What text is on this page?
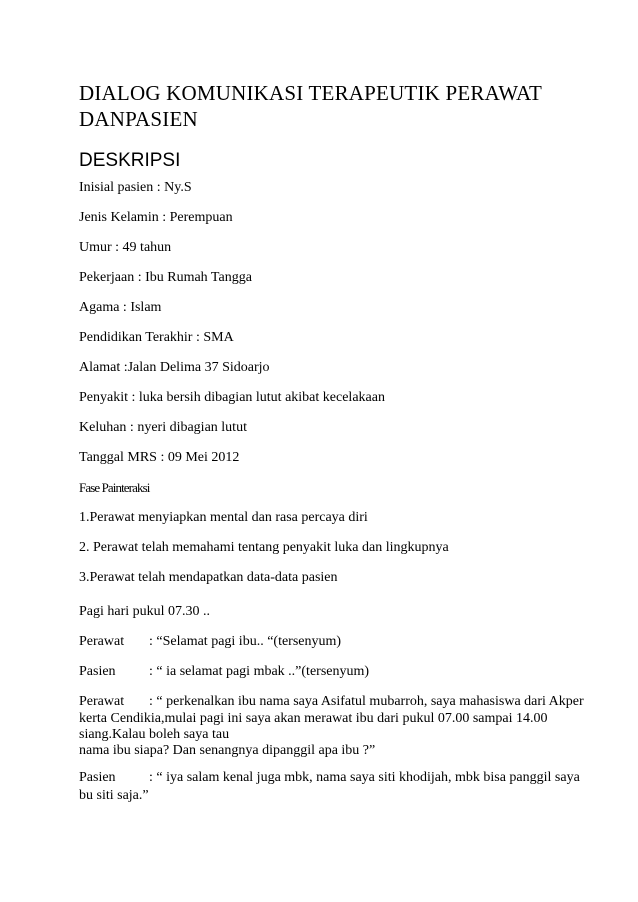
DIALOG KOMUNIKASI TERAPEUTIK PERAWAT
DANPASIEN
DESKRIPSI
Inisial pasien : Ny.S
Jenis Kelamin : Perempuan
Umur : 49 tahun
Pekerjaan : Ibu Rumah Tangga
Agama : Islam
Pendidikan Terakhir : SMA
Alamat :Jalan Delima 37 Sidoarjo
Penyakit : luka bersih dibagian lutut akibat kecelakaan
Keluhan : nyeri dibagian lutut
Tanggal MRS : 09 Mei 2012
Fase Painteraksi
1.Perawat menyiapkan mental dan rasa percaya diri
2. Perawat telah memahami tentang penyakit luka dan lingkupnya
3.Perawat telah mendapatkan data-data pasien
Pagi hari pukul 07.30 ..
Perawat : “Selamat pagi ibu.. “(tersenyum)
Pasien : “ ia selamat pagi mbak ..”(tersenyum)
Perawat : “ perkenalkan ibu nama saya Asifatul mubarroh, saya mahasiswa dari Akper
kerta Cendikia,mulai pagi ini saya akan merawat ibu dari pukul 07.00 sampai 14.00
siang.Kalau boleh saya tau
nama ibu siapa? Dan senangnya dipanggil apa ibu ?”
Pasien : “ iya salam kenal juga mbk, nama saya siti khodijah, mbk bisa panggil saya
bu siti saja.”
